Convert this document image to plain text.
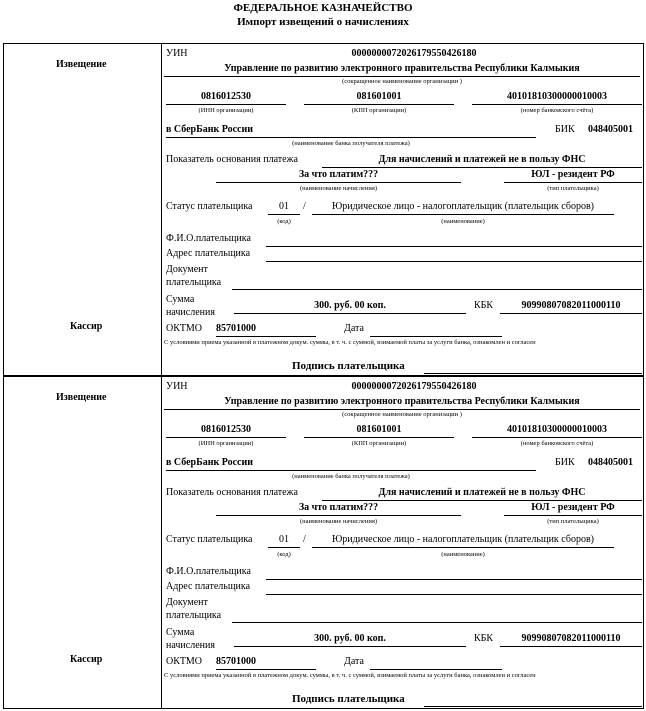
ФЕДЕРАЛЬНОЕ КАЗНАЧЕЙСТВО
Импорт извещений о начислениях
Извещение
Кассир
УИН	0000000072026179550426180
Управление по развитию электронного правительства Республики Калмыкия
(сокращенное наименование организации )
0816012530	081601001	40101810300000010003
(ИНН организации)	(КПП организации)	(номер банковского счёта)
в СберБанк России	БИК 048405001
(наименование банка получателя платежа)
Показатель основания платежа	Для начислений и платежей не в пользу ФНС
За что платим???	ЮЛ - резидент РФ
(наименование начисления)	(тип плательщика)
Статус плательщика	01	/	Юридическое лицо - налогоплательщик (плательщик сборов)
(код)	(наименование)
Ф.И.О.плательщика
Адрес плательщика
Документ
плательщика
Сумма
начисления
300. руб. 00 коп.	КБК	90990807082011000110
ОКТМО 85701000	Дата
С условиями приема указанной в платежном докум. суммы, в т. ч. с суммой, взимаемой платы за услуги банка, ознакомлен и согласен
Подпись плательщика
Извещение
Кассир
УИН	0000000072026179550426180
Управление по развитию электронного правительства Республики Калмыкия
(сокращенное наименование организации )
0816012530	081601001	40101810300000010003
(ИНН организации)	(КПП организации)	(номер банковского счёта)
в СберБанк России	БИК 048405001
(наименование банка получателя платежа)
Показатель основания платежа	Для начислений и платежей не в пользу ФНС
За что платим???	ЮЛ - резидент РФ
(наименование начисления)	(тип плательщика)
Статус плательщика	01	/	Юридическое лицо - налогоплательщик (плательщик сборов)
(код)	(наименование)
Ф.И.О.плательщика
Адрес плательщика
Документ
плательщика
Сумма
начисления
300. руб. 00 коп.	КБК	90990807082011000110
ОКТМО 85701000	Дата
С условиями приема указанной в платежном докум. суммы, в т. ч. с суммой, взимаемой платы за услуги банка, ознакомлен и согласен
Подпись плательщика
